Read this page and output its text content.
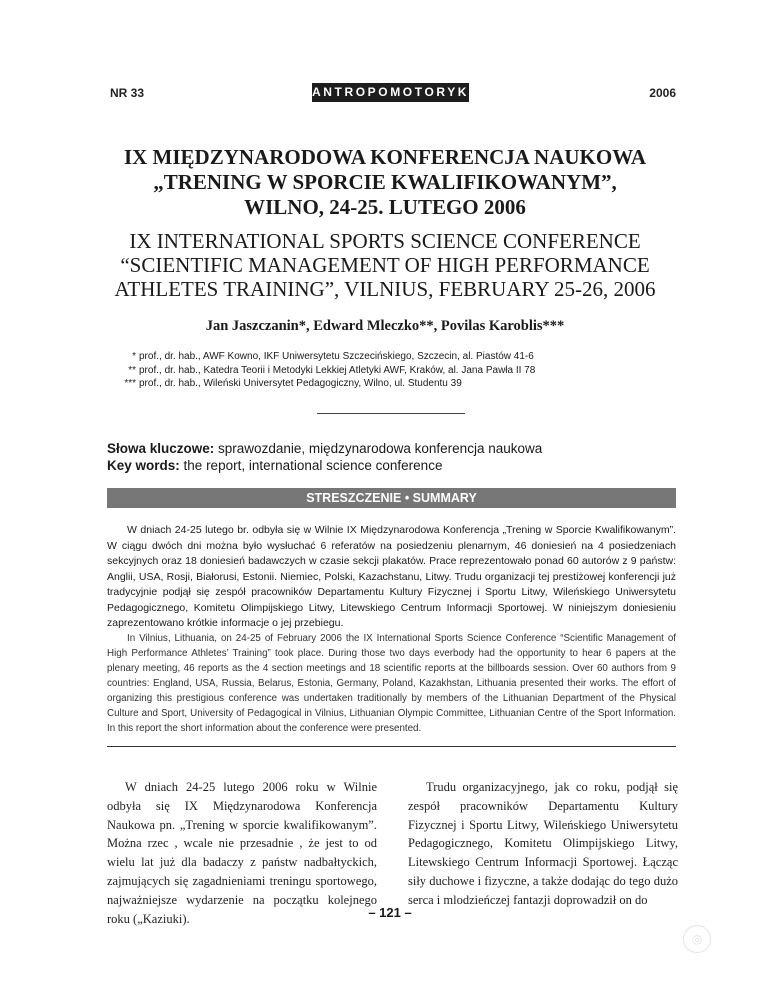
NR 33	ANTROPOMOTORYKA	2006
IX MIĘDZYNARODOWA KONFERENCJA NAUKOWA
„TRENING W SPORCIE KWALIFIKOWANYM”,
WILNO, 24-25. LUTEGO 2006
IX INTERNATIONAL SPORTS SCIENCE CONFERENCE
“SCIENTIFIC MANAGEMENT OF HIGH PERFORMANCE
ATHLETES TRAINING”, VILNIUS, FEBRUARY 25-26, 2006
Jan Jaszczanin*, Edward Mleczko**, Povilas Karoblis***
* prof., dr. hab., AWF Kowno, IKF Uniwersytetu Szczecińskiego, Szczecin, al. Piastów 41-6
** prof., dr. hab., Katedra Teorii i Metodyki Lekkiej Atletyki AWF, Kraków, al. Jana Pawła II 78
*** prof., dr. hab., Wileński Universytet Pedagogiczny, Wilno, ul. Studentu 39
Słowa kluczowe: sprawozdanie, międzynarodowa konferencja naukowa
Key words: the report, international science conference
STRESZCZENIE • SUMMARY

W dniach 24-25 lutego br. odbyła się w Wilnie IX Międzynarodowa Konferencja „Trening w Sporcie Kwalifikowanym”. W ciągu dwóch dni można było wysłuchać 6 referatów na posiedzeniu plenarnym, 46 doniesień na 4 posiedzeniach sekcyjnych oraz 18 doniesień badawczych w czasie sekcji plakatów. Prace reprezentowało ponad 60 autorów z 9 państw: Anglii, USA, Rosji, Białorusi, Estonii. Niemiec, Polski, Kazachstanu, Litwy. Trudu organizacji tej prestiżowej konferencji już tradycyjnie podjął się zespół pracowników Departamentu Kultury Fizycznej i Sportu Litwy, Wileńskiego Uniwersytetu Pedagogicznego, Komitetu Olimpijskiego Litwy, Litewskiego Centrum Informacji Sportowej. W niniejszym doniesieniu zaprezentowano krótkie informacje o jej przebiegu.

In Vilnius, Lithuania, on 24-25 of February 2006 the IX International Sports Science Conference “Scientific Management of High Performance Athletes’ Training” took place. During those two days everbody had the opportunity to hear 6 papers at the plenary meeting, 46 reports as the 4 section meetings and 18 scientific reports at the billboards session. Over 60 authors from 9 countries: England, USA, Russia, Belarus, Estonia, Germany, Poland, Kazakhstan, Lithuania presented their works. The effort of organizing this prestigious conference was undertaken traditionally by members of the Lithuanian Department of the Physical Culture and Sport, University of Pedagogical in Vilnius, Lithuanian Olympic Committee, Lithuanian Centre of the Sport Information. In this report the short information about the conference were presented.

W dniach 24-25 lutego 2006 roku w Wilnie odbyła się IX Międzynarodowa Konferencja Naukowa pn. „Trening w sporcie kwalifikowanym”. Można rzec , wcale nie przesadnie , że jest to od wielu lat już dla badaczy z państw nadbałtyckich, zajmujących się zagadnieniami treningu sportowego, najważniejsze wydarzenie na początku kolejnego roku („Kaziuki).

Trudu organizacyjnego, jak co roku, podjął się zespół pracowników Departamentu Kultury Fizycznej i Sportu Litwy, Wileńskiego Uniwersytetu Pedagogicznego, Komitetu Olimpijskiego Litwy, Litewskiego Centrum Informacji Sportowej. Łącząc siły duchowe i fizyczne, a także dodając do tego dużo serca i mlodzieńczej fantazji doprowadził on do

– 121 –
◎
